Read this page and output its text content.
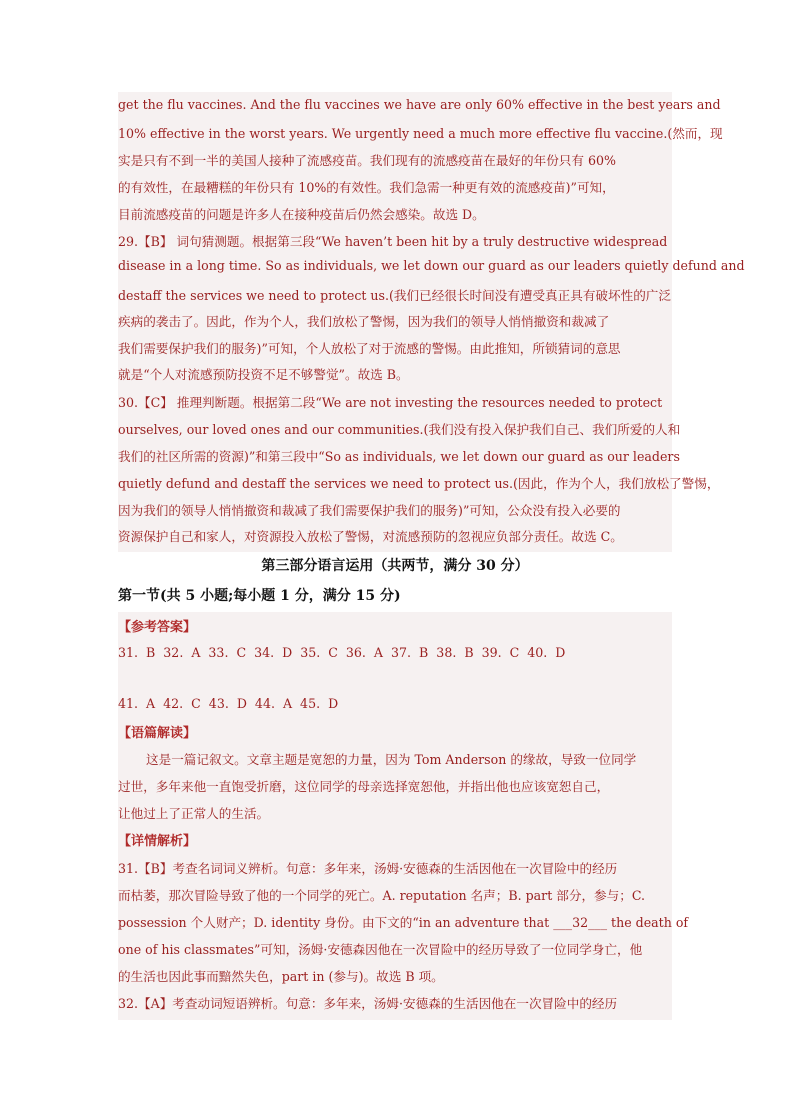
get the flu vaccines. And the flu vaccines we have are only 60% effective in the best years and
10% effective in the worst years. We urgently need a much more effective flu vaccine.(然而，现
实是只有不到一半的美国人接种了流感疫苗。我们现有的流感疫苗在最好的年份只有 60%
的有效性，在最糟糕的年份只有 10%的有效性。我们急需一种更有效的流感疫苗)”可知，
目前流感疫苗的问题是许多人在接种疫苗后仍然会感染。故选 D。
29.【B】 词句猜测题。根据第三段“We haven’t been hit by a truly destructive widespread
disease in a long time. So as individuals, we let down our guard as our leaders quietly defund and
destaff the services we need to protect us.(我们已经很长时间没有遭受真正具有破坏性的广泛
疾病的袭击了。因此，作为个人，我们放松了警惕，因为我们的领导人悄悄撤资和裁减了
我们需要保护我们的服务)”可知，个人放松了对于流感的警惕。由此推知，所锁猜词的意思
就是“个人对流感预防投资不足不够警觉”。故选 B。
30.【C】 推理判断题。根据第二段“We are not investing the resources needed to protect
ourselves, our loved ones and our communities.(我们没有投入保护我们自己、我们所爱的人和
我们的社区所需的资源)”和第三段中“So as individuals, we let down our guard as our leaders
quietly defund and destaff the services we need to protect us.(因此，作为个人，我们放松了警惕，
因为我们的领导人悄悄撤资和裁减了我们需要保护我们的服务)”可知，公众没有投入必要的
资源保护自己和家人，对资源投入放松了警惕，对流感预防的忽视应负部分责任。故选 C。
第三部分语言运用（共两节，满分 30 分）
第一节(共 5 小题;每小题 1 分，满分 15 分)
【参考答案】
31. B 32. A 33. C 34. D 35. C 36. A 37. B 38. B 39. C 40. D
41. A 42. C 43. D 44. A 45. D
【语篇解读】
这是一篇记叙文。文章主题是宽恕的力量，因为 Tom Anderson 的缘故，导致一位同学
过世，多年来他一直饱受折磨，这位同学的母亲选择宽恕他，并指出他也应该宽恕自己，
让他过上了正常人的生活。
【详情解析】
31.【B】考查名词词义辨析。句意：多年来，汤姆·安德森的生活因他在一次冒险中的经历
而枯萎，那次冒险导致了他的一个同学的死亡。A. reputation 名声；B. part 部分，参与；C.
possession 个人财产；D. identity 身份。由下文的“in an adventure that ___32___ the death of
one of his classmates”可知，汤姆·安德森因他在一次冒险中的经历导致了一位同学身亡，他
的生活也因此事而黯然失色，part in (参与)。故选 B 项。
32.【A】考查动词短语辨析。句意：多年来，汤姆·安德森的生活因他在一次冒险中的经历
